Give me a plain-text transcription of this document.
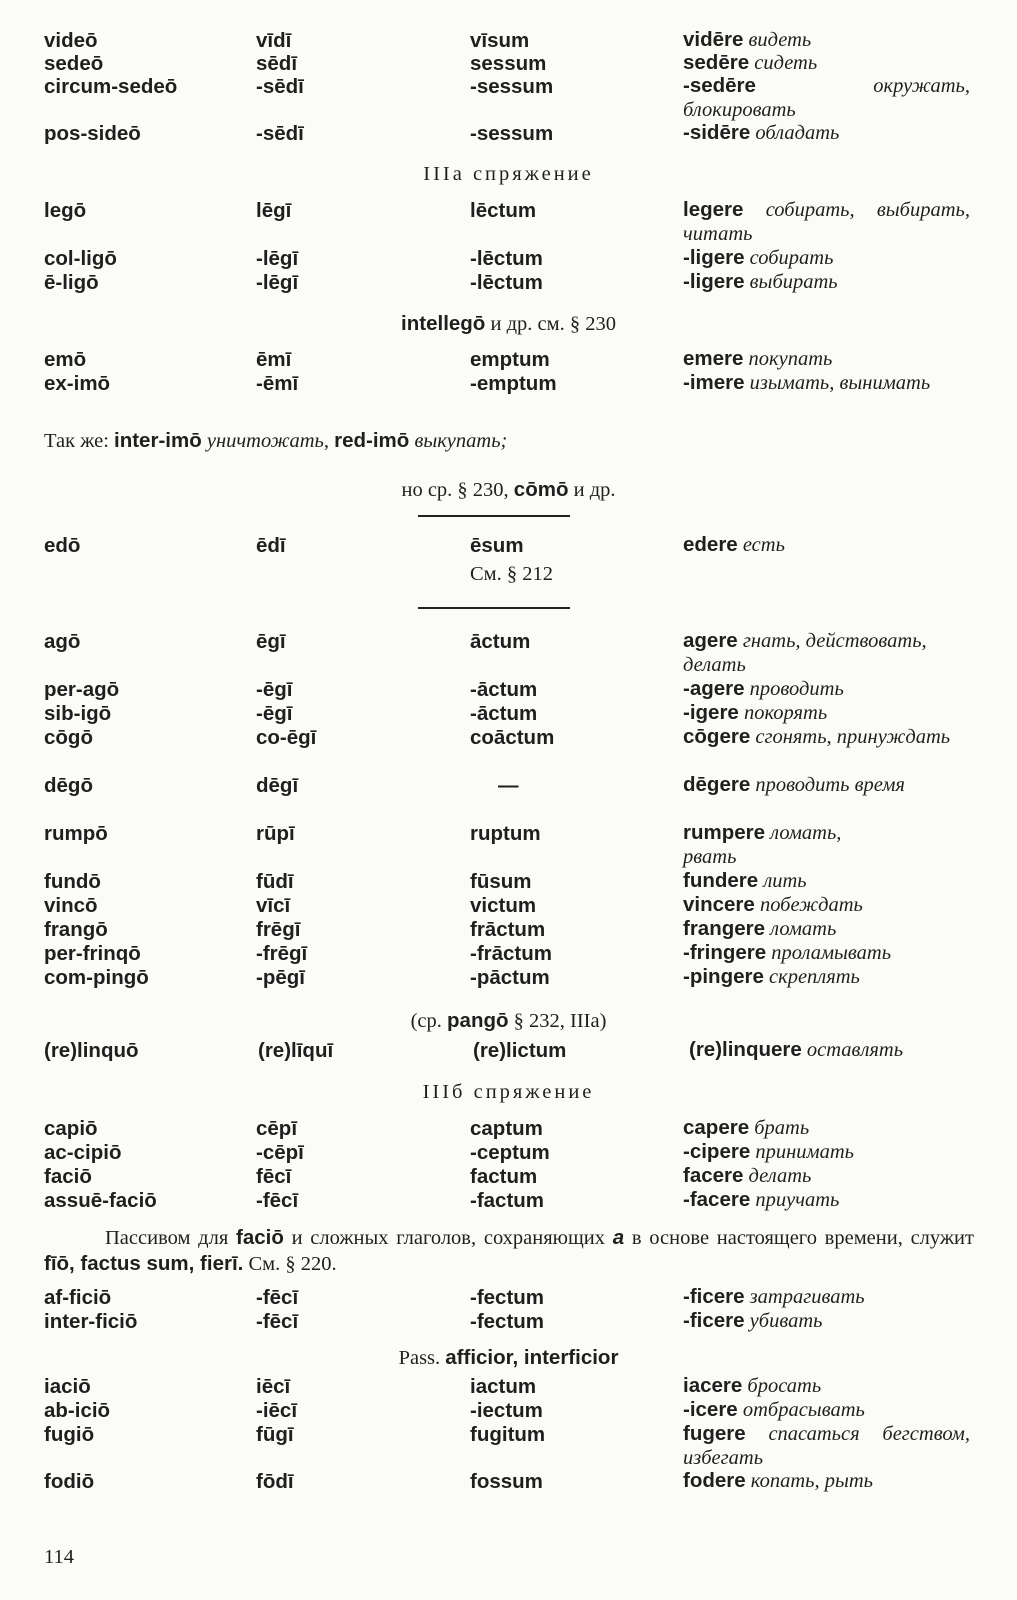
videō	vīdī	vīsum	vidēre видеть
sedeō	sēdī	sessum	sedēre сидеть
circum-sedeō	-sēdī	-sessum	-sedēre	окружать, блокировать
pos-sideō	-sēdī	-sessum	-sidēre обладать
IIIa спряжение
legō	lēgī	lēctum	legere собирать, выбирать, читать
col-ligō	-lēgī	-lēctum	-ligere собирать
ē-ligō	-lēgī	-lēctum	-ligere выбирать
intellegō и др. см. § 230
emō	ēmī	emptum	emere покупать
ex-imō	-ēmī	-emptum	-imere изымать, вынимать
Так же: inter-imō уничтожать, red-imō выкупать;
но ср. § 230, cōmō и др.
edō	ēdī	ēsum	edere есть
См. § 212
agō	ēgī	āctum	agere гнать, действовать, делать
per-agō	-ēgī	-āctum	-agere проводить
sib-igō	-ēgī	-āctum	-igere покорять
cōgō	co-ēgī	coāctum	cōgere сгонять, принуждать
dēgō	dēgī	—	dēgere проводить время
rumpō	rūpī	ruptum	rumpere ломать, рвать
fundō	fūdī	fūsum	fundere лить
vincō	vīcī	victum	vincere побеждать
frangō	frēgī	frāctum	frangere ломать
per-frinqō	-frēgī	-frāctum	-fringere проламывать
com-pingō	-pēgī	-pāctum	-pingere скреплять
(ср. pangō § 232, IIIa)
(re)linquō	(re)līquī	(re)lictum	(re)linquere оставлять
IIIб спряжение
capiō	cēpī	captum	capere брать
ac-cipiō	-cēpī	-ceptum	-cipere принимать
faciō	fēcī	factum	facere делать
assuē-faciō	-fēcī	-factum	-facere приучать
Пассивом для faciō и сложных глаголов, сохраняющих a в основе настоящего времени, служит fīō, factus sum, fierī. См. § 220.
af-ficiō	-fēcī	-fectum	-ficere затрагивать
inter-ficiō	-fēcī	-fectum	-ficere убивать
Pass. afficior, interficior
iaciō	iēcī	iactum	iacere бросать
ab-iciō	-iēcī	-iectum	-icere отбрасывать
fugiō	fūgī	fugitum	fugere спасаться бегством, избегать
fodiō	fōdī	fossum	fodere копать, рыть
114
